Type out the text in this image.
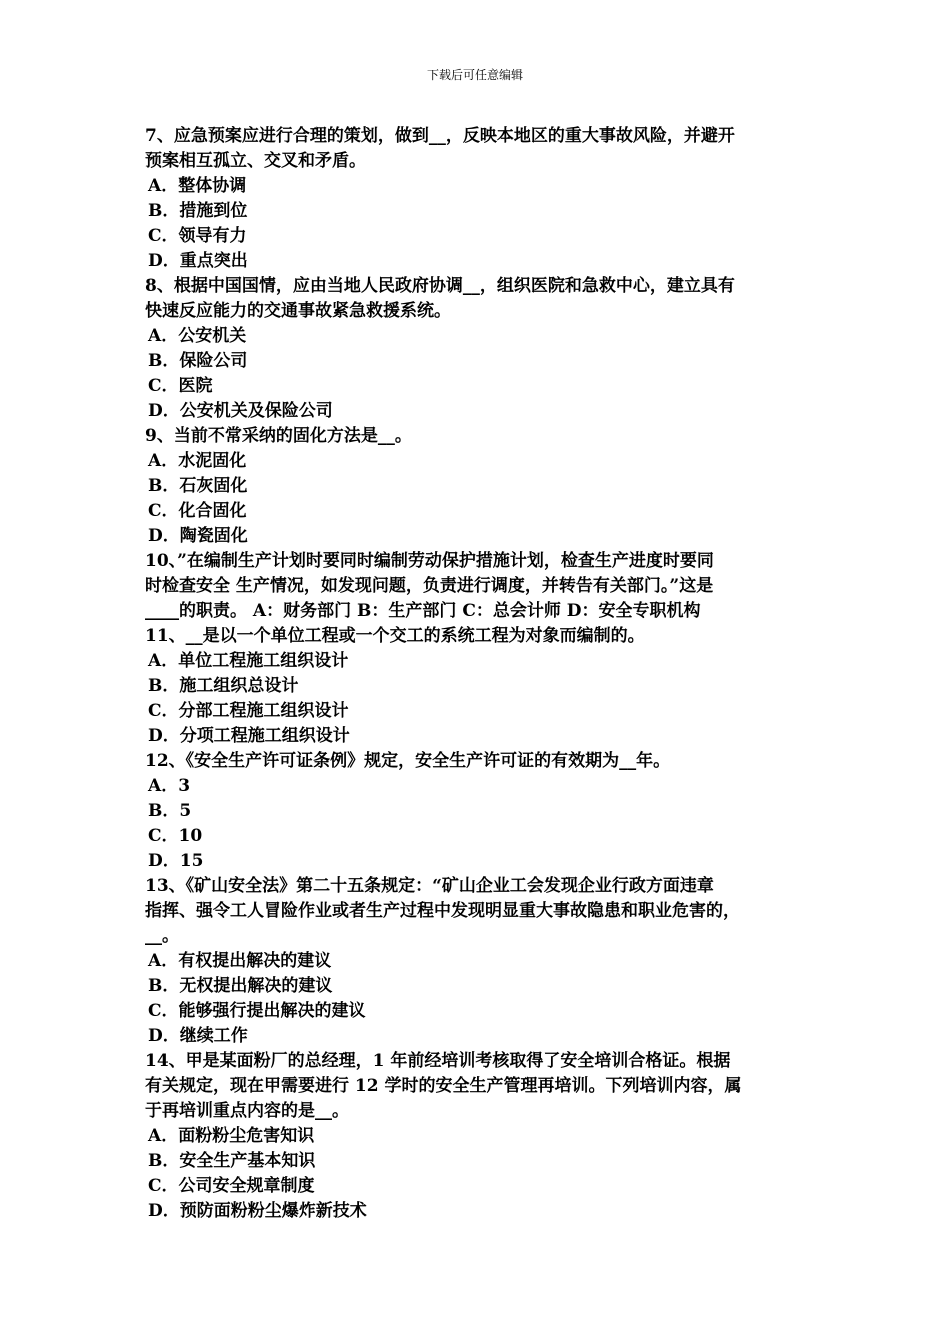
下载后可任意编辑
7、应急预案应进行合理的策划，做到__，反映本地区的重大事故风险，并避开
预案相互孤立、交叉和矛盾。
A．整体协调
B．措施到位
C．领导有力
D．重点突出
8、根据中国国情，应由当地人民政府协调__，组织医院和急救中心，建立具有
快速反应能力的交通事故紧急救援系统。
A．公安机关
B．保险公司
C．医院
D．公安机关及保险公司
9、当前不常采纳的固化方法是__。
A．水泥固化
B．石灰固化
C．化合固化
D．陶瓷固化
10、”在编制生产计划时要同时编制劳动保护措施计划，检查生产进度时要同
时检查安全 生产情况，如发现问题，负责进行调度，并转告有关部门。”这是
____的职责。 A：财务部门 B：生产部门 C：总会计师 D：安全专职机构
11、__是以一个单位工程或一个交工的系统工程为对象而编制的。
A．单位工程施工组织设计
B．施工组织总设计
C．分部工程施工组织设计
D．分项工程施工组织设计
12、《安全生产许可证条例》规定，安全生产许可证的有效期为__年。
A．3
B．5
C．10
D．15
13、《矿山安全法》第二十五条规定：“矿山企业工会发现企业行政方面违章
指挥、强令工人冒险作业或者生产过程中发现明显重大事故隐患和职业危害的，
__。
A．有权提出解决的建议
B．无权提出解决的建议
C．能够强行提出解决的建议
D．继续工作
14、甲是某面粉厂的总经理，1 年前经培训考核取得了安全培训合格证。根据
有关规定，现在甲需要进行 12 学时的安全生产管理再培训。下列培训内容，属
于再培训重点内容的是__。
A．面粉粉尘危害知识
B．安全生产基本知识
C．公司安全规章制度
D．预防面粉粉尘爆炸新技术
